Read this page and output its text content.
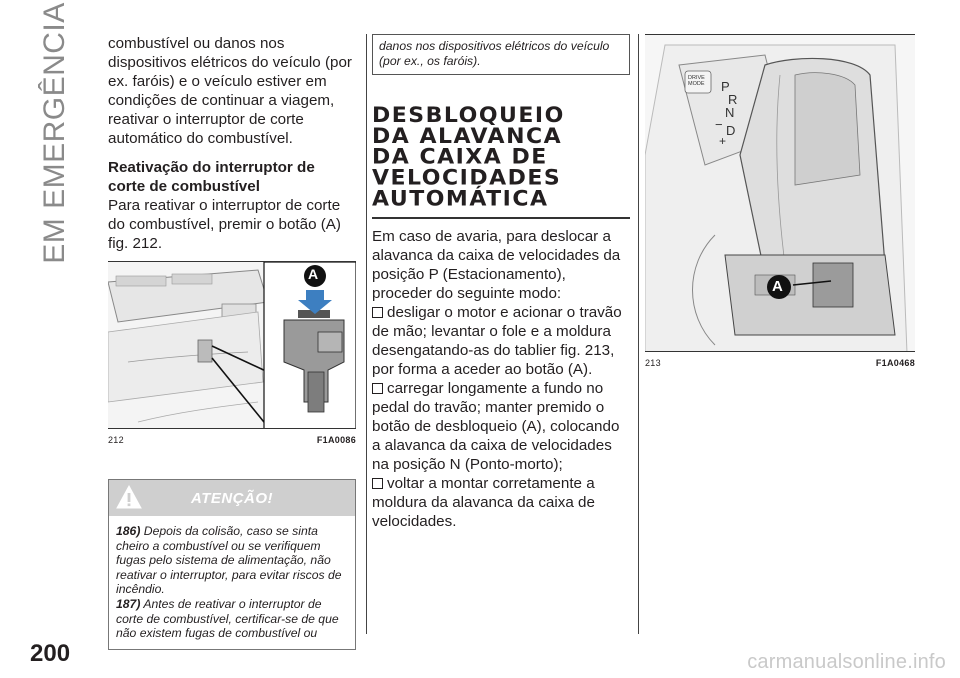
EM EMERGÊNCIA combustível ou danos nos dispositivos elétricos do veículo (por ex. faróis) e o veículo estiver em condições de continuar a viagem, reativar o interruptor de corte automático do combustível.

Reativação do interruptor de corte de combustível

Para reativar o interruptor de corte do combustível, premir o botão (A) fig. 212.

A
212	F1A0086
ATENÇÃO!

186) Depois da colisão, caso se sinta cheiro a combustível ou se verifiquem fugas pelo sistema de alimentação, não reativar o interruptor, para evitar riscos de incêndio.

187) Antes de reativar o interruptor de corte de combustível, certificar-se de que não existem fugas de combustível ou

danos nos dispositivos elétricos do veículo (por ex., os faróis).
DESBLOQUEIO
DA ALAVANCA
DA CAIXA DE
VELOCIDADES
AUTOMÁTICA

Em caso de avaria, para deslocar a alavanca da caixa de velocidades da posição P (Estacionamento), proceder do seguinte modo:

desligar o motor e acionar o travão de mão; levantar o fole e a moldura desengatando-as do tablier fig. 213, por forma a aceder ao botão (A).

carregar longamente a fundo no pedal do travão; manter premido o botão de desbloqueio (A), colocando a alavanca da caixa de velocidades na posição N (Ponto-morto);

voltar a montar corretamente a moldura da alavanca da caixa de velocidades.

DRIVE
MODE P
R
N
− D
+
A
213	F1A0468
200	carmanualsonline.info
